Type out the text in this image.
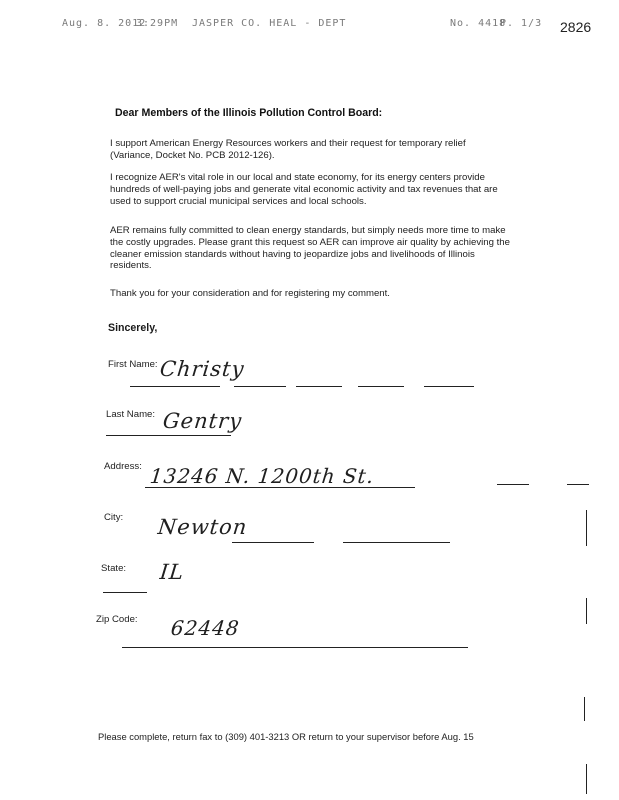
Aug. 8. 2012
3:29PM JASPER CO. HEAL - DEPT	No. 4418
P. 1/3 2826
Dear Members of the Illinois Pollution Control Board:
I support American Energy Resources workers and their request for temporary relief (Variance, Docket No. PCB 2012-126).
I recognize AER's vital role in our local and state economy, for its energy centers provide hundreds of well-paying jobs and generate vital economic activity and tax revenues that are used to support crucial municipal services and local schools.
AER remains fully committed to clean energy standards, but simply needs more time to make the costly upgrades. Please grant this request so AER can improve air quality by achieving the cleaner emission standards without having to jeopardize jobs and livelihoods of Illinois residents.
Thank you for your consideration and for registering my comment.
Sincerely,
First Name: Christy
Last Name: Gentry
Address: 13246 N. 1200th St.
City: Newton
State: IL
Zip Code: 62448
Please complete, return fax to (309) 401-3213 OR return to your supervisor before Aug. 15
